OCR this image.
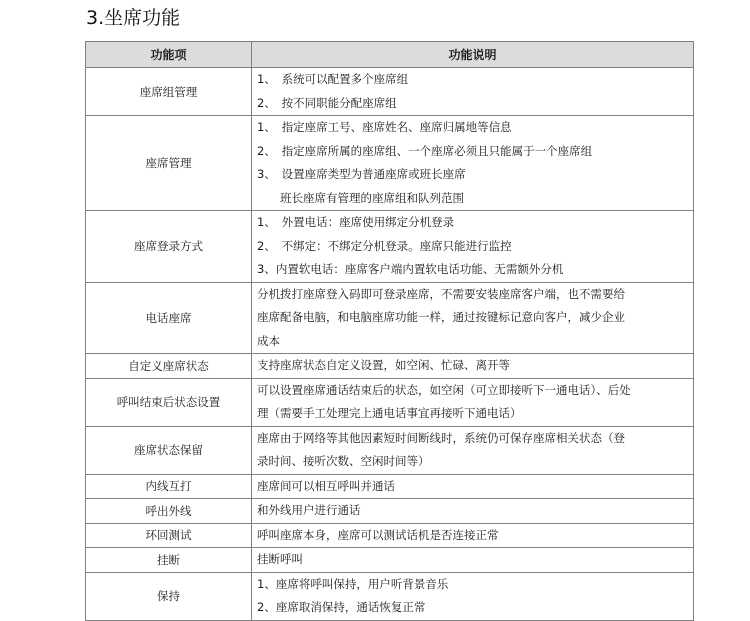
3.坐席功能
功能项	功能说明
座席组管理	1、　系统可以配置多个座席组
2、　按不同职能分配座席组

座席管理	1、　指定座席工号、座席姓名、座席归属地等信息
2、　指定座席所属的座席组、一个座席必须且只能属于一个座席组
3、　设置座席类型为普通座席或班长座席
班长座席有管理的座席组和队列范围

座席登录方式	1、　外置电话：座席使用绑定分机登录
2、　不绑定：不绑定分机登录。座席只能进行监控
3、内置软电话：座席客户端内置软电话功能、无需额外分机

电话座席	分机拨打座席登入码即可登录座席，不需要安装座席客户端，也不需要给
座席配备电脑，和电脑座席功能一样，通过按键标记意向客户，减少企业
成本

自定义座席状态	支持座席状态自定义设置，如空闲、忙碌、离开等

呼叫结束后状态设置	可以设置座席通话结束后的状态，如空闲（可立即接听下一通电话）、后处
理（需要手工处理完上通电话事宜再接听下通电话）

座席状态保留	座席由于网络等其他因素短时间断线时，系统仍可保存座席相关状态（登
录时间、接听次数、空闲时间等）

内线互打	座席间可以相互呼叫并通话

呼出外线	和外线用户进行通话

环回测试	呼叫座席本身，座席可以测试话机是否连接正常

挂断	挂断呼叫

保持	1、座席将呼叫保持，用户听背景音乐
2、座席取消保持，通话恢复正常
